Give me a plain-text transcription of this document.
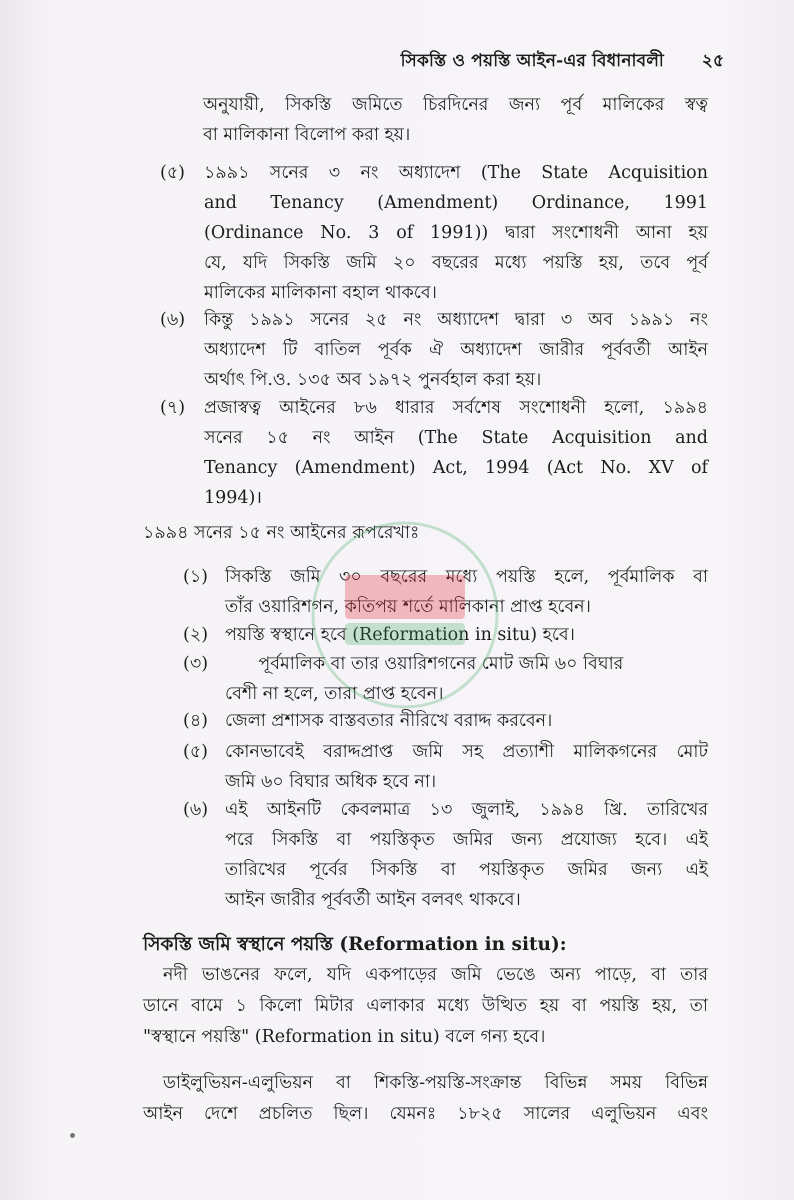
সিকস্তি ও পয়স্তি আইন-এর বিধানাবলী ২৫
অনুযায়ী, সিকস্তি জমিতে চিরদিনের জন্য পূর্ব মালিকের স্বত্ব
বা মালিকানা বিলোপ করা হয়।
(৫)	১৯৯১ সনের ৩ নং অধ্যাদেশ (The State Acquisition
and Tenancy (Amendment) Ordinance, 1991
(Ordinance No. 3 of 1991)) দ্বারা সংশোধনী আনা হয়
যে, যদি সিকস্তি জমি ২০ বছরের মধ্যে পয়স্তি হয়, তবে পূর্ব
মালিকের মালিকানা বহাল থাকবে।
(৬)	কিন্তু ১৯৯১ সনের ২৫ নং অধ্যাদেশ দ্বারা ৩ অব ১৯৯১ নং
অধ্যাদেশ টি বাতিল পূর্বক ঐ অধ্যাদেশ জারীর পূর্ববর্তী আইন
অর্থাৎ পি.ও. ১৩৫ অব ১৯৭২ পুনর্বহাল করা হয়।
(৭)	প্রজাস্বত্ব আইনের ৮৬ ধারার সর্বশেষ সংশোধনী হলো, ১৯৯৪
সনের ১৫ নং আইন (The State Acquisition and
Tenancy (Amendment) Act, 1994 (Act No. XV of
1994)।
১৯৯৪ সনের ১৫ নং আইনের রূপরেখাঃ
(১) সিকস্তি জমি ৩০ বছরের মধ্যে পয়স্তি হলে, পূর্বমালিক বা
তাঁর ওয়ারিশগন, কতিপয় শর্তে মালিকানা প্রাপ্ত হবেন।
(২) পয়স্তি স্বস্থানে হবে (Reformation in situ) হবে।
(৩) পূর্বমালিক বা তার ওয়ারিশগনের মোট জমি ৬০ বিঘার
বেশী না হলে, তারা প্রাপ্ত হবেন।
(৪) জেলা প্রশাসক বাস্তবতার নীরিখে বরাদ্দ করবেন।
(৫) কোনভাবেই বরাদ্দপ্রাপ্ত জমি সহ প্রত্যাশী মালিকগনের মোট
জমি ৬০ বিঘার অধিক হবে না।
(৬) এই আইনটি কেবলমাত্র ১৩ জুলাই, ১৯৯৪ খ্রি. তারিখের
পরে সিকস্তি বা পয়স্তিকৃত জমির জন্য প্রযোজ্য হবে। এই
তারিখের পূর্বের সিকস্তি বা পয়স্তিকৃত জমির জন্য এই
আইন জারীর পূর্ববর্তী আইন বলবৎ থাকবে।
সিকস্তি জমি স্বস্থানে পয়স্তি (Reformation in situ):
নদী ভাঙনের ফলে, যদি একপাড়ের জমি ভেঙে অন্য পাড়ে, বা তার
ডানে বামে ১ কিলো মিটার এলাকার মধ্যে উত্থিত হয় বা পয়স্তি হয়, তা
"স্বস্থানে পয়স্তি" (Reformation in situ) বলে গন্য হবে।
ডাইলুভিয়ন-এলুভিয়ন বা শিকস্তি-পয়স্তি-সংক্রান্ত বিভিন্ন সময় বিভিন্ন
আইন দেশে প্রচলিত ছিল। যেমনঃ ১৮২৫ সালের এলুভিয়ন এবং
